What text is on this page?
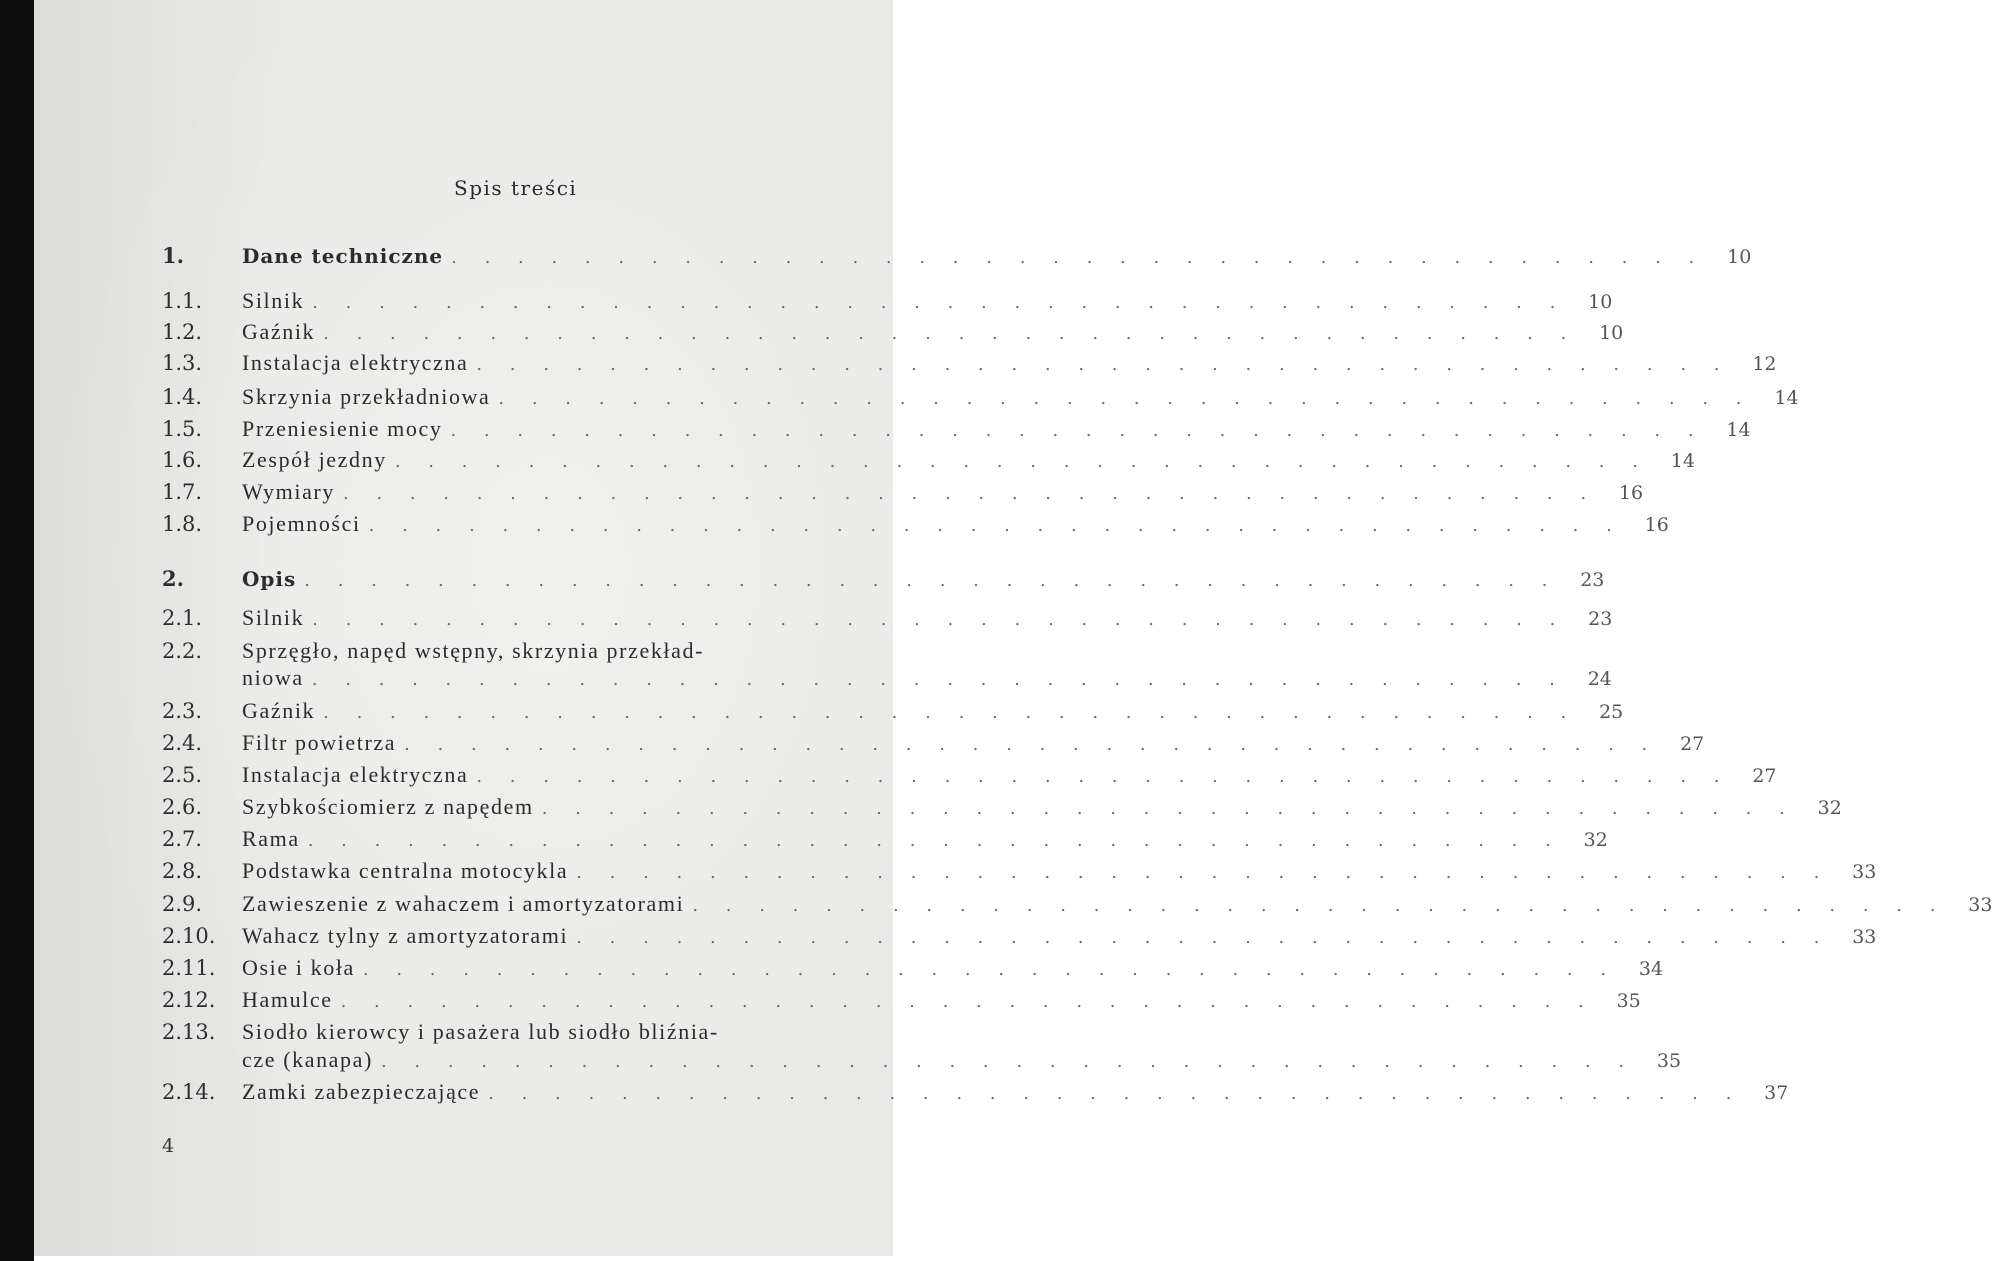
Spis treści
1.	Dane techniczne . . . . . . . . . . . . . . . . . . . . . . . . . . . . . . . . . . . . . .	10
1.1.	Silnik . . . . . . . . . . . . . . . . . . . . . . . . . . . . . . . . . . . . . .	10
1.2.	Gaźnik . . . . . . . . . . . . . . . . . . . . . . . . . . . . . . . . . . . . . .	10
1.3.	Instalacja elektryczna . . . . . . . . . . . . . . . . . . . . . . . . . . . . . . . . . . . . . .	12
1.4.	Skrzynia przekładniowa . . . . . . . . . . . . . . . . . . . . . . . . . . . . . . . . . . . . . .	14
1.5.	Przeniesienie mocy . . . . . . . . . . . . . . . . . . . . . . . . . . . . . . . . . . . . . .	14
1.6.	Zespół jezdny . . . . . . . . . . . . . . . . . . . . . . . . . . . . . . . . . . . . . .	14
1.7.	Wymiary . . . . . . . . . . . . . . . . . . . . . . . . . . . . . . . . . . . . . .	16
1.8.	Pojemności . . . . . . . . . . . . . . . . . . . . . . . . . . . . . . . . . . . . . .	16
2.	Opis . . . . . . . . . . . . . . . . . . . . . . . . . . . . . . . . . . . . . .	23
2.1.	Silnik . . . . . . . . . . . . . . . . . . . . . . . . . . . . . . . . . . . . . .	23
2.2.	Sprzęgło, napęd wstępny, skrzynia przekład-
niowa . . . . . . . . . . . . . . . . . . . . . . . . . . . . . . . . . . . . . .	24
2.3.	Gaźnik . . . . . . . . . . . . . . . . . . . . . . . . . . . . . . . . . . . . . .	25
2.4.	Filtr powietrza . . . . . . . . . . . . . . . . . . . . . . . . . . . . . . . . . . . . . .	27
2.5.	Instalacja elektryczna . . . . . . . . . . . . . . . . . . . . . . . . . . . . . . . . . . . . . .	27
2.6.	Szybkościomierz z napędem . . . . . . . . . . . . . . . . . . . . . . . . . . . . . . . . . . . . . .	32
2.7.	Rama . . . . . . . . . . . . . . . . . . . . . . . . . . . . . . . . . . . . . .	32
2.8.	Podstawka centralna motocykla . . . . . . . . . . . . . . . . . . . . . . . . . . . . . . . . . . . . . .	33
2.9.	Zawieszenie z wahaczem i amortyzatorami . . . . . . . . . . . . . . . . . . . . . . . . . . . . . . . . . . . . . .	33
2.10.	Wahacz tylny z amortyzatorami . . . . . . . . . . . . . . . . . . . . . . . . . . . . . . . . . . . . . .	33
2.11.	Osie i koła . . . . . . . . . . . . . . . . . . . . . . . . . . . . . . . . . . . . . .	34
2.12.	Hamulce . . . . . . . . . . . . . . . . . . . . . . . . . . . . . . . . . . . . . .	35
2.13.	Siodło kierowcy i pasażera lub siodło bliźnia-
cze (kanapa) . . . . . . . . . . . . . . . . . . . . . . . . . . . . . . . . . . . . . .	35
2.14.	Zamki zabezpieczające . . . . . . . . . . . . . . . . . . . . . . . . . . . . . . . . . . . . . .	37
4
